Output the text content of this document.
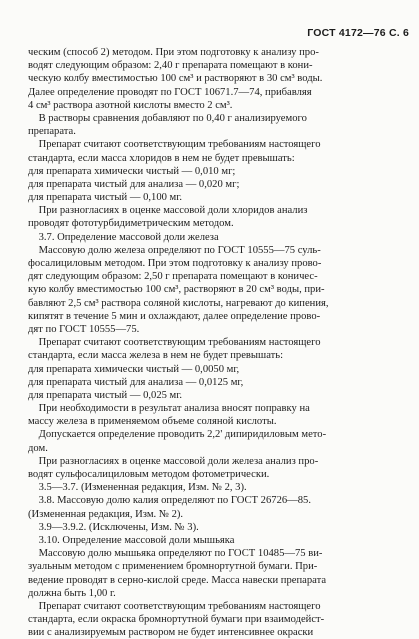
ГОСТ 4172—76 С. 6
ческим (способ 2) методом. При этом подготовку к анализу про-
водят следующим образом: 2,40 г препарата помещают в кони-
ческую колбу вместимостью 100 см³ и растворяют в 30 см³ воды.
Далее определение проводят по ГОСТ 10671.7—74, прибавляя
4 см³ раствора азотной кислоты вместо 2 см³.
В растворы сравнения добавляют по 0,40 г анализируемого
препарата.
Препарат считают соответствующим требованиям настоящего
стандарта, если масса хлоридов в нем не будет превышать:
для препарата химически чистый — 0,010 мг;
для препарата чистый для анализа — 0,020 мг;
для препарата чистый — 0,100 мг.
При разногласиях в оценке массовой доли хлоридов анализ
проводят фототурбидиметрическим методом.
3.7. Определение массовой доли железа
Массовую долю железа определяют по ГОСТ 10555—75 суль-
фосалициловым методом. При этом подготовку к анализу прово-
дят следующим образом: 2,50 г препарата помещают в коничес-
кую колбу вместимостью 100 см³, растворяют в 20 см³ воды, при-
бавляют 2,5 см³ раствора соляной кислоты, нагревают до кипения,
кипятят в течение 5 мин и охлаждают, далее определение прово-
дят по ГОСТ 10555—75.
Препарат считают соответствующим требованиям настоящего
стандарта, если масса железа в нем не будет превышать:
для препарата химически чистый — 0,0050 мг,
для препарата чистый для анализа — 0,0125 мг,
для препарата чистый — 0,025 мг.
При необходимости в результат анализа вносят поправку на
массу железа в применяемом объеме соляной кислоты.
Допускается определение проводить 2,2' дипиридиловым мето-
дом.
При разногласиях в оценке массовой доли железа анализ про-
водят сульфосалициловым методом фотометрически.
3.5—3.7. (Измененная редакция, Изм. № 2, 3).
3.8. Массовую долю калия определяют по ГОСТ 26726—85.
(Измененная редакция, Изм. № 2).
3.9—3.9.2. (Исключены, Изм. № 3).
3.10. Определение массовой доли мышьяка
Массовую долю мышьяка определяют по ГОСТ 10485—75 ви-
зуальным методом с применением бромнортутной бумаги. При-
ведение проводят в серно-кислой среде. Масса навески препарата
должна быть 1,00 г.
Препарат считают соответствующим требованиям настоящего
стандарта, если окраска бромнортутной бумаги при взаимодейст-
вии с анализируемым раствором не будет интенсивнее окраски
